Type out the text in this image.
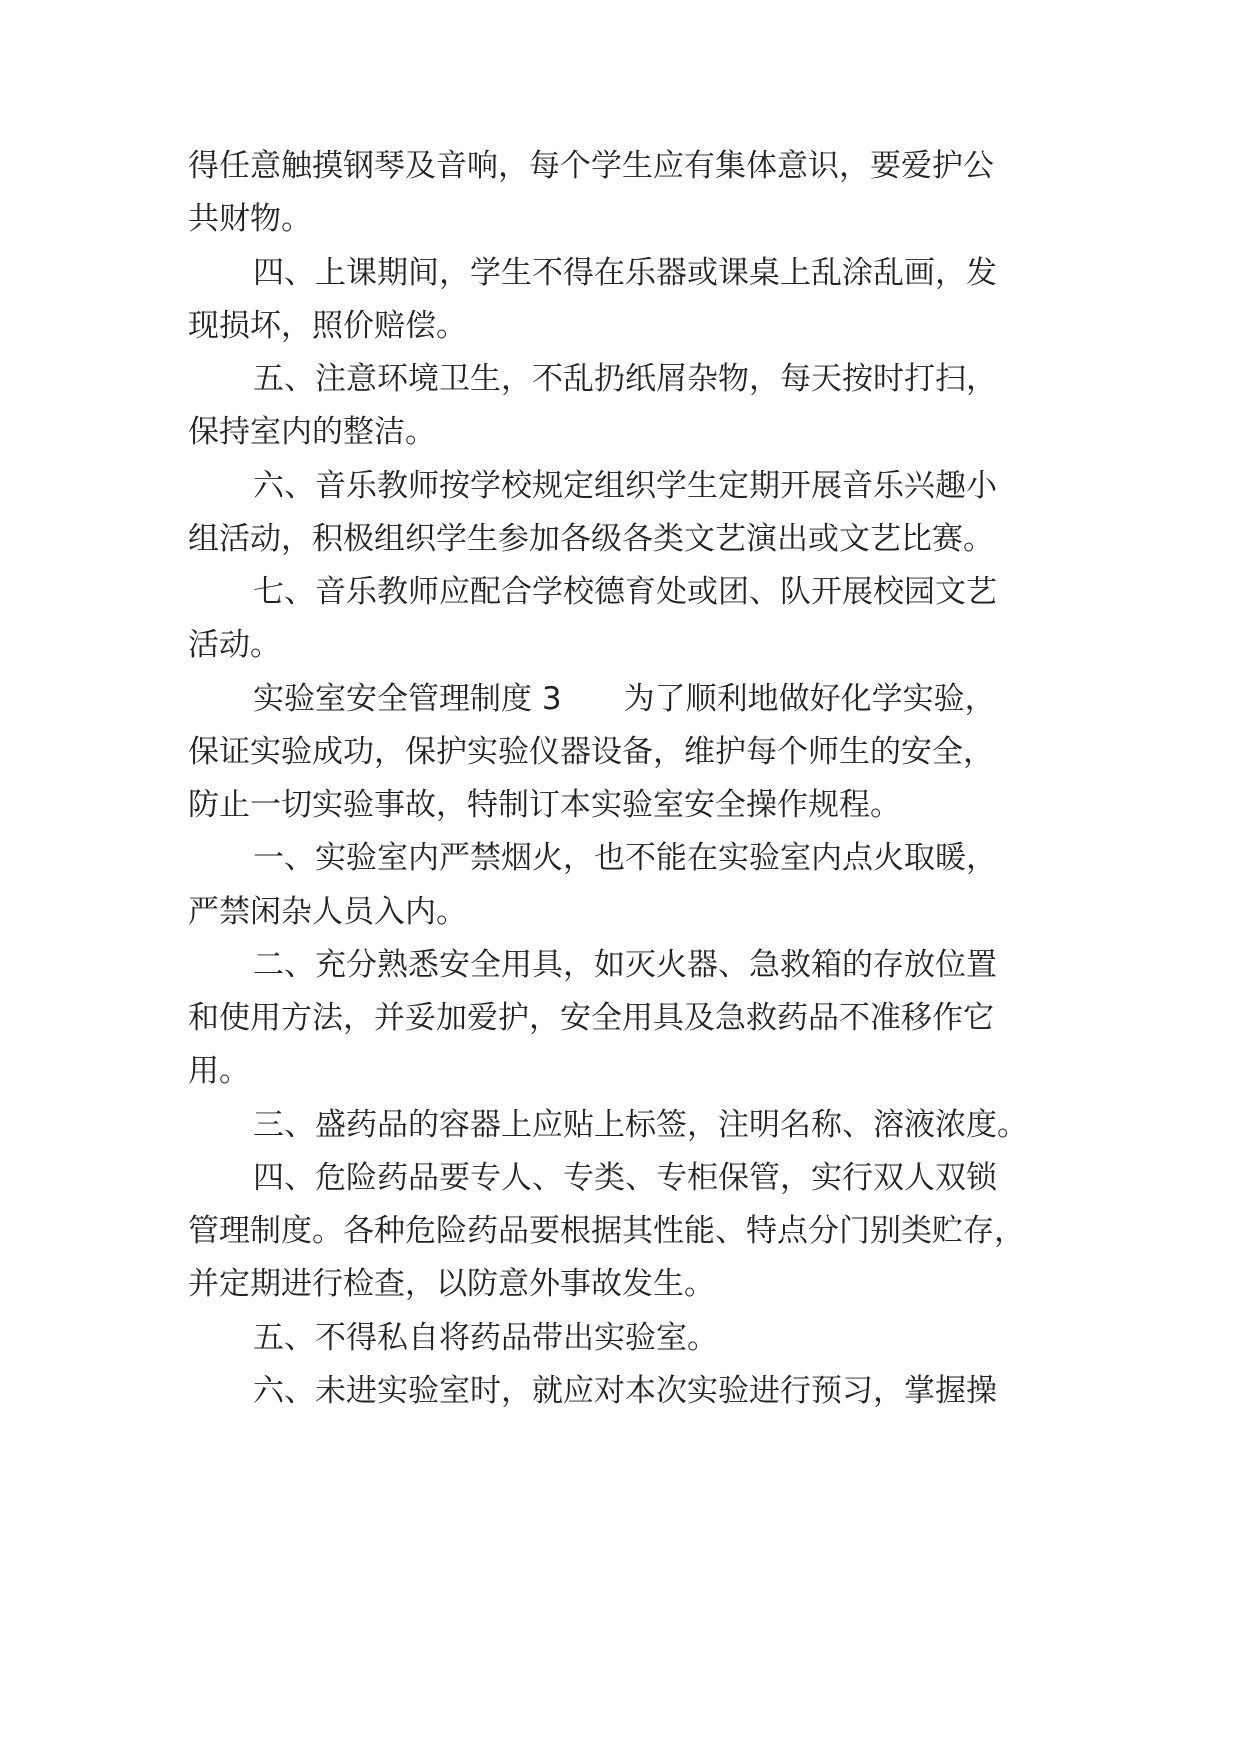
得任意触摸钢琴及音响，每个学生应有集体意识，要爱护公
共财物。
四、上课期间，学生不得在乐器或课桌上乱涂乱画，发
现损坏，照价赔偿。
五、注意环境卫生，不乱扔纸屑杂物，每天按时打扫，
保持室内的整洁。
六、音乐教师按学校规定组织学生定期开展音乐兴趣小
组活动，积极组织学生参加各级各类文艺演出或文艺比赛。
七、音乐教师应配合学校德育处或团、队开展校园文艺
活动。
实验室安全管理制度 3 为了顺利地做好化学实验，
保证实验成功，保护实验仪器设备，维护每个师生的安全，
防止一切实验事故，特制订本实验室安全操作规程。
一、实验室内严禁烟火，也不能在实验室内点火取暖，
严禁闲杂人员入内。
二、充分熟悉安全用具，如灭火器、急救箱的存放位置
和使用方法，并妥加爱护，安全用具及急救药品不准移作它
用。
三、盛药品的容器上应贴上标签，注明名称、溶液浓度。
四、危险药品要专人、专类、专柜保管，实行双人双锁
管理制度。各种危险药品要根据其性能、特点分门别类贮存，
并定期进行检查，以防意外事故发生。
五、不得私自将药品带出实验室。
六、未进实验室时，就应对本次实验进行预习，掌握操
